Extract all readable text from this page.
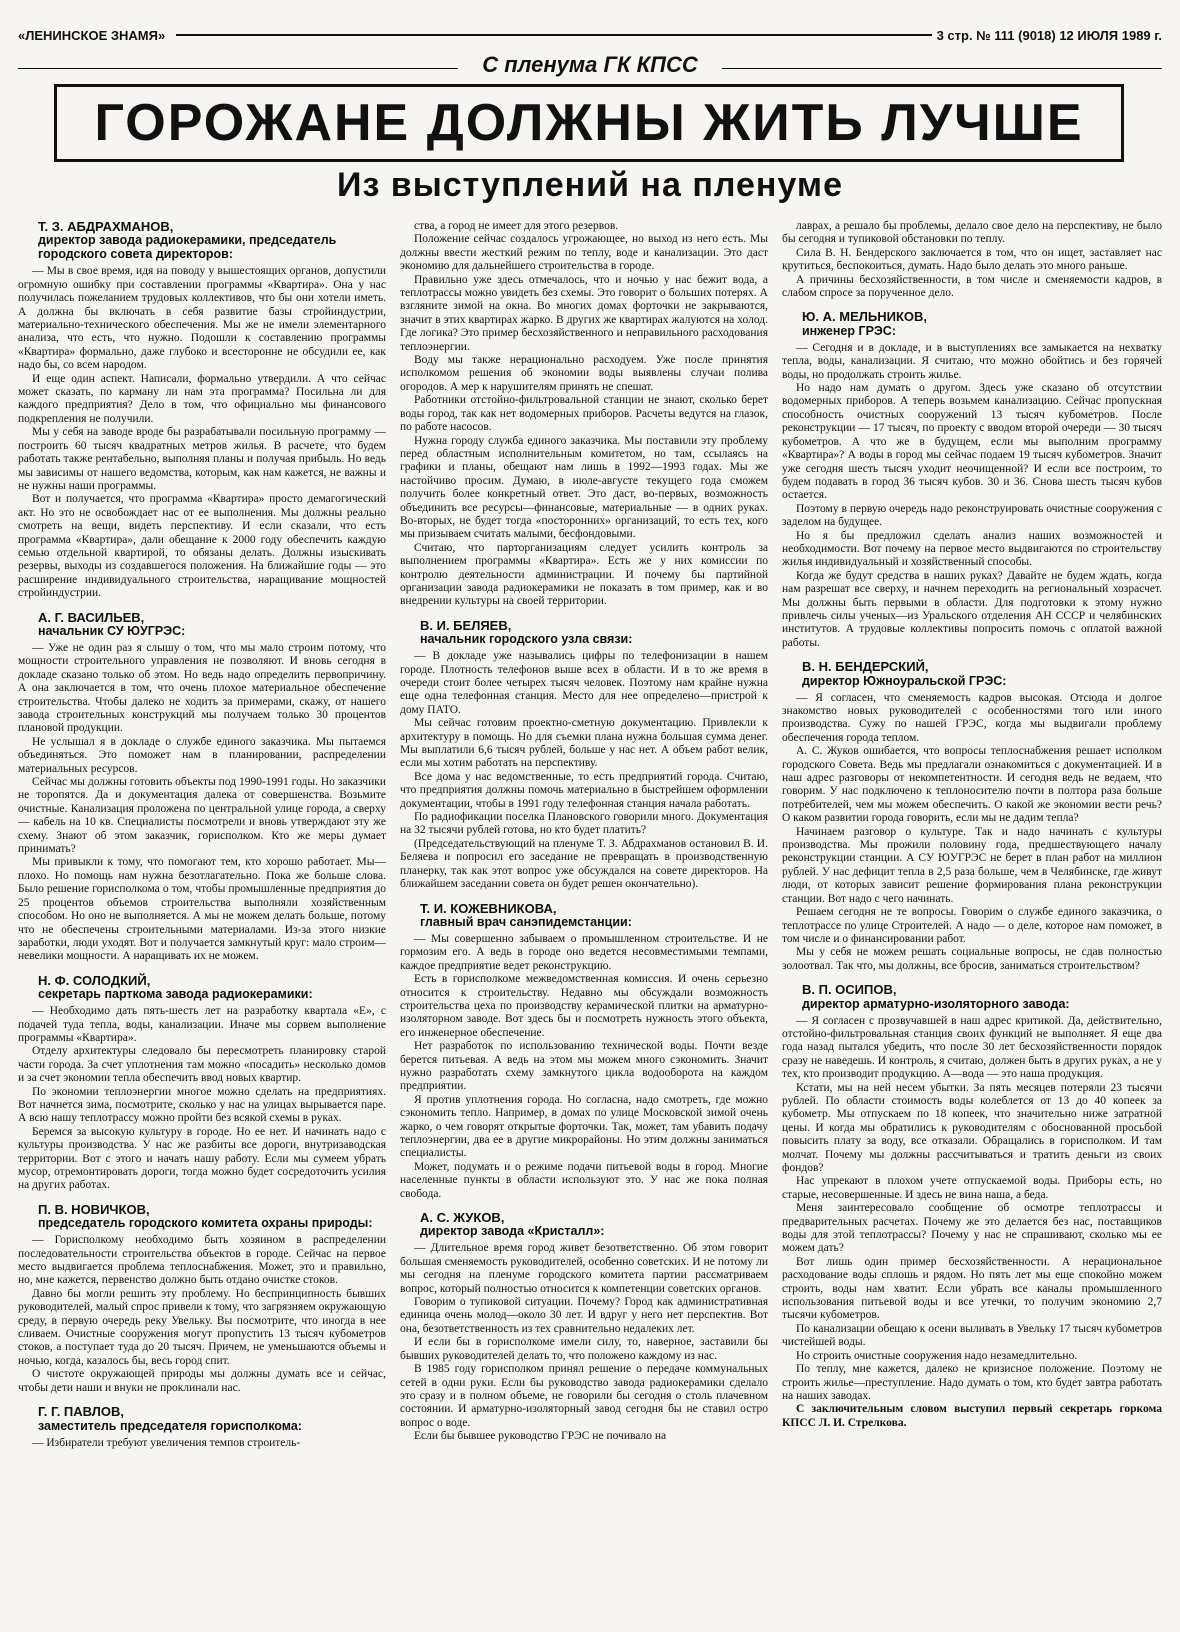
«ЛЕНИНСКОЕ ЗНАМЯ»	3 стр. № 111 (9018) 12 ИЮЛЯ 1989 г.
С пленума ГК КПСС
ГОРОЖАНЕ ДОЛЖНЫ ЖИТЬ ЛУЧШЕ
Из выступлений на пленуме
Т. З. АБДРАХМАНОВ,
директор завода радиокерамики, председатель городского совета директоров:

— Мы в свое время, идя на поводу у вышестоящих органов, допустили огромную ошибку при составлении программы «Квартира». Она у нас получилась пожеланием трудовых коллективов, что бы они хотели иметь. А должна бы включать в себя развитие базы стройиндустрии, материально-технического обеспечения. Мы же не имели элементарного анализа, что есть, что нужно. Подошли к составлению программы «Квартира» формально, даже глубоко и всесторонне не обсудили ее, как надо бы, со всем народом.

И еще один аспект. Написали, формально утвердили. А что сейчас может сказать, по карману ли нам эта программа? Посильна ли для каждого предприятия? Дело в том, что официально мы финансового подкрепления не получили.

Мы у себя на заводе вроде бы разрабатывали посильную программу — построить 60 тысяч квадратных метров жилья. В расчете, что будем работать также рентабельно, выполняя планы и получая прибыль. Но ведь мы зависимы от нашего ведомства, которым, как нам кажется, не важны и не нужны наши программы.

Вот и получается, что программа «Квартира» просто демагогический акт. Но это не освобождает нас от ее выполнения. Мы должны реально смотреть на вещи, видеть перспективу. И если сказали, что есть программа «Квартира», дали обещание к 2000 году обеспечить каждую семью отдельной квартирой, то обязаны делать. Должны изыскивать резервы, выходы из создавшегося положения. На ближайшие годы — это расширение индивидуального строительства, наращивание мощностей стройиндустрии.

А. Г. ВАСИЛЬЕВ,
начальник СУ ЮУГРЭС:

— Уже не один раз я слышу о том, что мы мало строим потому, что мощности строительного управления не позволяют. И вновь сегодня в докладе сказано только об этом. Но ведь надо определить первопричину. А она заключается в том, что очень плохое материальное обеспечение строительства. Чтобы далеко не ходить за примерами, скажу, от нашего завода строительных конструкций мы получаем только 30 процентов плановой продукции.

Не услышал я в докладе о службе единого заказчика. Мы пытаемся объединяться. Это поможет нам в планировании, распределении материальных ресурсов.

Сейчас мы должны готовить объекты под 1990-1991 годы. Но заказчики не торопятся. Да и документация далека от совершенства. Возьмите очистные. Канализация проложена по центральной улице города, а сверху — кабель на 10 кв. Специалисты посмотрели и вновь утверждают эту же схему. Знают об этом заказчик, горисполком. Кто же меры думает принимать?

Мы привыкли к тому, что помогают тем, кто хорошо работает. Мы—плохо. Но помощь нам нужна безотлагательно. Пока же больше слова. Было решение горисполкома о том, чтобы промышленные предприятия до 25 процентов объемов строительства выполняли хозяйственным способом. Но оно не выполняется. А мы не можем делать больше, потому что не обеспечены строительными материалами. Из-за этого низкие заработки, люди уходят. Вот и получается замкнутый круг: мало строим—невелики мощности. А наращивать их не можем.

Н. Ф. СОЛОДКИЙ,
секретарь парткома завода радиокерамики:

— Необходимо дать пять-шесть лет на разработку квартала «Е», с подачей туда тепла, воды, канализации. Иначе мы сорвем выполнение программы «Квартира».

Отделу архитектуры следовало бы пересмотреть планировку старой части города. За счет уплотнения там можно «посадить» несколько домов и за счет экономии тепла обеспечить ввод новых квартир.

По экономии теплоэнергии многое можно сделать на предприятиях. Вот начнется зима, посмотрите, сколько у нас на улицах вырывается паре. А всю нашу теплотрассу можно пройти без всякой схемы в руках.

Беремся за высокую культуру в городе. Но ее нет. И начинать надо с культуры производства. У нас же разбиты все дороги, внутризаводская территории. Вот с этого и начать нашу работу. Если мы сумеем убрать мусор, отремонтировать дороги, тогда можно будет сосредоточить усилия на других работах.

П. В. НОВИЧКОВ,
председатель городского комитета охраны природы:

— Горисполкому необходимо быть хозяином в распределении последовательности строительства объектов в городе. Сейчас на первое место выдвигается проблема теплоснабжения. Может, это и правильно, но, мне кажется, первенство должно быть отдано очистке стоков.

Давно бы могли решить эту проблему. Но беспринципность бывших руководителей, малый спрос привели к тому, что загрязняем окружающую среду, в первую очередь реку Увельку. Вы посмотрите, что иногда в нее сливаем. Очистные сооружения могут пропустить 13 тысяч кубометров стоков, а поступает туда до 20 тысяч. Причем, не уменьшаются объемы и ночью, когда, казалось бы, весь город спит.

О чистоте окружающей природы мы должны думать все и сейчас, чтобы дети наши и внуки не проклинали нас.

Г. Г. ПАВЛОВ,
заместитель председателя горисполкома:

— Избиратели требуют увеличения темпов строитель-

ства, а город не имеет для этого резервов.

Положение сейчас создалось угрожающее, но выход из него есть. Мы должны ввести жесткий режим по теплу, воде и канализации. Это даст экономию для дальнейшего строительства в городе.

Правильно уже здесь отмечалось, что и ночью у нас бежит вода, а теплотрассы можно увидеть без схемы. Это говорит о больших потерях. А взгляните зимой на окна. Во многих домах форточки не закрываются, значит в этих квартирах жарко. В других же квартирах жалуются на холод. Где логика? Это пример бесхозяйственного и неправильного расходования теплоэнергии.

Воду мы также нерационально расходуем. Уже после принятия исполкомом решения об экономии воды выявлены случаи полива огородов. А мер к нарушителям принять не спешат.

Работники отстойно-фильтровальной станции не знают, сколько берет воды город, так как нет водомерных приборов. Расчеты ведутся на глазок, по работе насосов.

Нужна городу служба единого заказчика. Мы поставили эту проблему перед областным исполнительным комитетом, но там, ссылаясь на графики и планы, обещают нам лишь в 1992—1993 годах. Мы же настойчиво просим. Думаю, в июле-августе текущего года сможем получить более конкретный ответ. Это даст, во-первых, возможность объединить все ресурсы—финансовые, материальные — в одних руках. Во-вторых, не будет тогда «посторонних» организаций, то есть тех, кого мы призываем считать малыми, бесфондовыми.

Считаю, что парторганизациям следует усилить контроль за выполнением программы «Квартира». Есть же у них комиссии по контролю деятельности администрации. И почему бы партийной организации завода радиокерамики не показать в том пример, как и во внедрении культуры на своей территории.

В. И. БЕЛЯЕВ,
начальник городского узла связи:

— В докладе уже назывались цифры по телефонизации в нашем городе. Плотность телефонов выше всех в области. И в то же время в очереди стоит более четырех тысяч человек. Поэтому нам крайне нужна еще одна телефонная станция. Место для нее определено—пристрой к дому ПАТО.

Мы сейчас готовим проектно-сметную документацию. Привлекли к архитектуру в помощь. Но для съемки плана нужна большая сумма денег. Мы выплатили 6,6 тысяч рублей, больше у нас нет. А объем работ велик, если мы хотим работать на перспективу.

Все дома у нас ведомственные, то есть предприятий города. Считаю, что предприятия должны помочь материально в быстрейшем оформлении документации, чтобы в 1991 году телефонная станция начала работать.

По радиофикации поселка Плановского говорили много. Документация на 32 тысячи рублей готова, но кто будет платить?

(Председательствующий на пленуме Т. З. Абдрахманов остановил В. И. Беляева и попросил его заседание не превращать в производственную планерку, так как этот вопрос уже обсуждался на совете директоров. На ближайшем заседании совета он будет решен окончательно).

Т. И. КОЖЕВНИКОВА,
главный врач санэпидемстанции:

— Мы совершенно забываем о промышленном строительстве. И не гормозим его. А ведь в городе оно ведется несовместимыми темпами, каждое предприятие ведет реконструкцию.

Есть в горисполкоме межведомственная комиссия. И очень серьезно относится к строительству. Недавно мы обсуждали возможность строительства цеха по производству керамической плитки на арматурно-изоляторном заводе. Вот здесь бы и посмотреть нужность этого объекта, его инженерное обеспечение.

Нет разработок по использованию технической воды. Почти везде берется питьевая. А ведь на этом мы можем много сэкономить. Значит нужно разработать схему замкнутого цикла водооборота на каждом предприятии.

Я против уплотнения города. Но согласна, надо смотреть, где можно сэкономить тепло. Например, в домах по улице Московской зимой очень жарко, о чем говорят открытые форточки. Так, может, там убавить подачу теплоэнергии, два ее в другие микрорайоны. Но этим должны заниматься специалисты.

Может, подумать и о режиме подачи питьевой воды в город. Многие населенные пункты в области используют это. У нас же пока полная свобода.

А. С. ЖУКОВ,
директор завода «Кристалл»:

— Длительное время город живет безответственно. Об этом говорит большая сменяемость руководителей, особенно советских. И не потому ли мы сегодня на пленуме городского комитета партии рассматриваем вопрос, который полностью относится к компетенции советских органов.

Говорим о тупиковой ситуации. Почему? Город как административная единица очень молод—около 30 лет. И вдруг у него нет перспектив. Вот она, безответственность из тех сравнительно недалеких лет.

И если бы в горисполкоме имели силу, то, наверное, заставили бы бывших руководителей делать то, что положено каждому из нас.

В 1985 году горисполком принял решение о передаче коммунальных сетей в одни руки. Если бы руководство завода радиокерамики сделало это сразу и в полном объеме, не говорили бы сегодня о столь плачевном состоянии. И арматурно-изоляторный завод сегодня бы не ставил остро вопрос о воде.

Если бы бывшее руководство ГРЭС не почивало на

лаврах, а решало бы проблемы, делало свое дело на перспективу, не было бы сегодня и тупиковой обстановки по теплу.

Сила В. Н. Бендерского заключается в том, что он ищет, заставляет нас крутиться, беспокоиться, думать. Надо было делать это много раньше.

А причины бесхозяйственности, в том числе и сменяемости кадров, в слабом спросе за порученное дело.

Ю. А. МЕЛЬНИКОВ,
инженер ГРЭС:

— Сегодня и в докладе, и в выступлениях все замыкается на нехватку тепла, воды, канализации. Я считаю, что можно обойтись и без горячей воды, но продолжать строить жилье.

Но надо нам думать о другом. Здесь уже сказано об отсутствии водомерных приборов. А теперь возьмем канализацию. Сейчас пропускная способность очистных сооружений 13 тысяч кубометров. После реконструкции — 17 тысяч, по проекту с вводом второй очереди — 30 тысяч кубометров. А что же в будущем, если мы выполним программу «Квартира»? А воды в город мы сейчас подаем 19 тысяч кубометров. Значит уже сегодня шесть тысяч уходит неочищенной? И если все построим, то будем подавать в город 36 тысяч кубов. 30 и 36. Снова шесть тысяч кубов остается.

Поэтому в первую очередь надо реконструировать очистные сооружения с заделом на будущее.

Но я бы предложил сделать анализ наших возможностей и необходимости. Вот почему на первое место выдвигаются по строительству жилья индивидуальный и хозяйственный способы.

Когда же будут средства в наших руках? Давайте не будем ждать, когда нам разрешат все сверху, и начнем переходить на региональный хозрасчет. Мы должны быть первыми в области. Для подготовки к этому нужно привлечь силы ученых—из Уральского отделения АН СССР и челябинских институтов. А трудовые коллективы попросить помочь с оплатой важной работы.

В. Н. БЕНДЕРСКИЙ,
директор Южноуральской ГРЭС:

— Я согласен, что сменяемость кадров высокая. Отсюда и долгое знакомство новых руководителей с особенностями того или иного производства. Сужу по нашей ГРЭС, когда мы выдвигали проблему обеспечения города теплом.

А. С. Жуков ошибается, что вопросы теплоснабжения решает исполком городского Совета. Ведь мы предлагали ознакомиться с документацией. И в наш адрес разговоры от некомпетентности. И сегодня ведь не ведаем, что говорим. У нас подключено к теплоносителю почти в полтора раза больше потребителей, чем мы можем обеспечить. О какой же экономии вести речь? О каком развитии города говорить, если мы не дадим тепла?

Начинаем разговор о культуре. Так и надо начинать с культуры производства. Мы прожили половину года, предшествующего началу реконструкции станции. А СУ ЮУГРЭС не берет в план работ на миллион рублей. У нас дефицит тепла в 2,5 раза больше, чем в Челябинске, где живут люди, от которых зависит решение формирования плана реконструкции станции. Вот надо с чего начинать.

Решаем сегодня не те вопросы. Говорим о службе единого заказчика, о теплотрассе по улице Строителей. А надо — о деле, которое нам поможет, в том числе и о финансировании работ.

Мы у себя не можем решать социальные вопросы, не сдав полностью золоотвал. Так что, мы должны, все бросив, заниматься строительством?

В. П. ОСИПОВ,
директор арматурно-изоляторного завода:

— Я согласен с прозвучавшей в наш адрес критикой. Да, действительно, отстойно-фильтровальная станция своих функций не выполняет. Я еще два года назад пытался убедить, что после 30 лет бесхозяйственности порядок сразу не наведешь. И контроль, я считаю, должен быть в других руках, а не у тех, кто производит продукцию. А—вода — это наша продукция.

Кстати, мы на ней несем убытки. За пять месяцев потеряли 23 тысячи рублей. По области стоимость воды колеблется от 13 до 40 копеек за кубометр. Мы отпускаем по 18 копеек, что значительно ниже затратной цены. И когда мы обратились к руководителям с обоснованной просьбой повысить плату за воду, все отказали. Обращались в горисполком. И там молчат. Почему мы должны рассчитываться и тратить деньги из своих фондов?

Нас упрекают в плохом учете отпускаемой воды. Приборы есть, но старые, несовершенные. И здесь не вина наша, а беда.

Меня заинтересовало сообщение об осмотре теплотрассы и предварительных расчетах. Почему же это делается без нас, поставщиков воды для этой теплотрассы? Почему у нас не спрашивают, сколько мы ее можем дать?

Вот лишь один пример бесхозяйственности. А нерациональное расходование воды сплошь и рядом. Но пять лет мы еще спокойно можем строить, воды нам хватит. Если убрать все каналы промышленного использования питьевой воды и все утечки, то получим экономию 2,7 тысячи кубометров.

По канализации обещаю к осени выливать в Увельку 17 тысяч кубометров чистейшей воды.

Но строить очистные сооружения надо незамедлительно.

По теплу, мне кажется, далеко не кризисное положение. Поэтому не строить жилье—преступление. Надо думать о том, кто будет завтра работать на наших заводах.

С заключительным словом выступил первый секретарь горкома КПСС Л. И. Стрелкова.
